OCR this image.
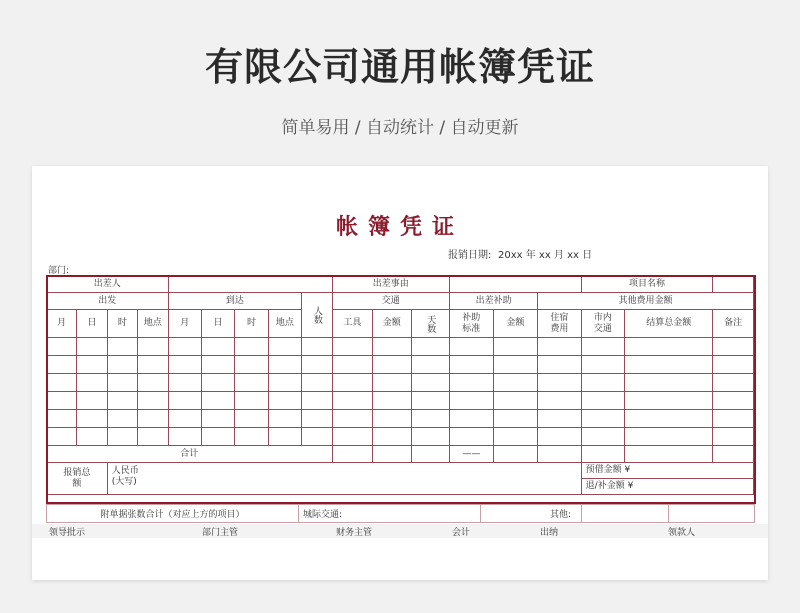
有限公司通用帐簿凭证
简单易用 / 自动统计 / 自动更新
帐簿凭证
报销日期: 20xx 年 xx 月 xx 日
部门:
出差人									出差事由						项目名称		
出发				到达				人数	交通			出差补助		其他费用金额			
月	日	时	地点	月	日	时	地点		工具	金额	天数	补助标准	金额	住宿费用	市内交通	结算总金额	备注

合计												——					
报销总额		人民币(大写)													预借金额 ¥		
															退/补金额 ¥		
附单据张数合计（对应上方的项目）	城际交通:	其他:		
领导批示	部门主管	财务主管	会计	出纳	领款人
